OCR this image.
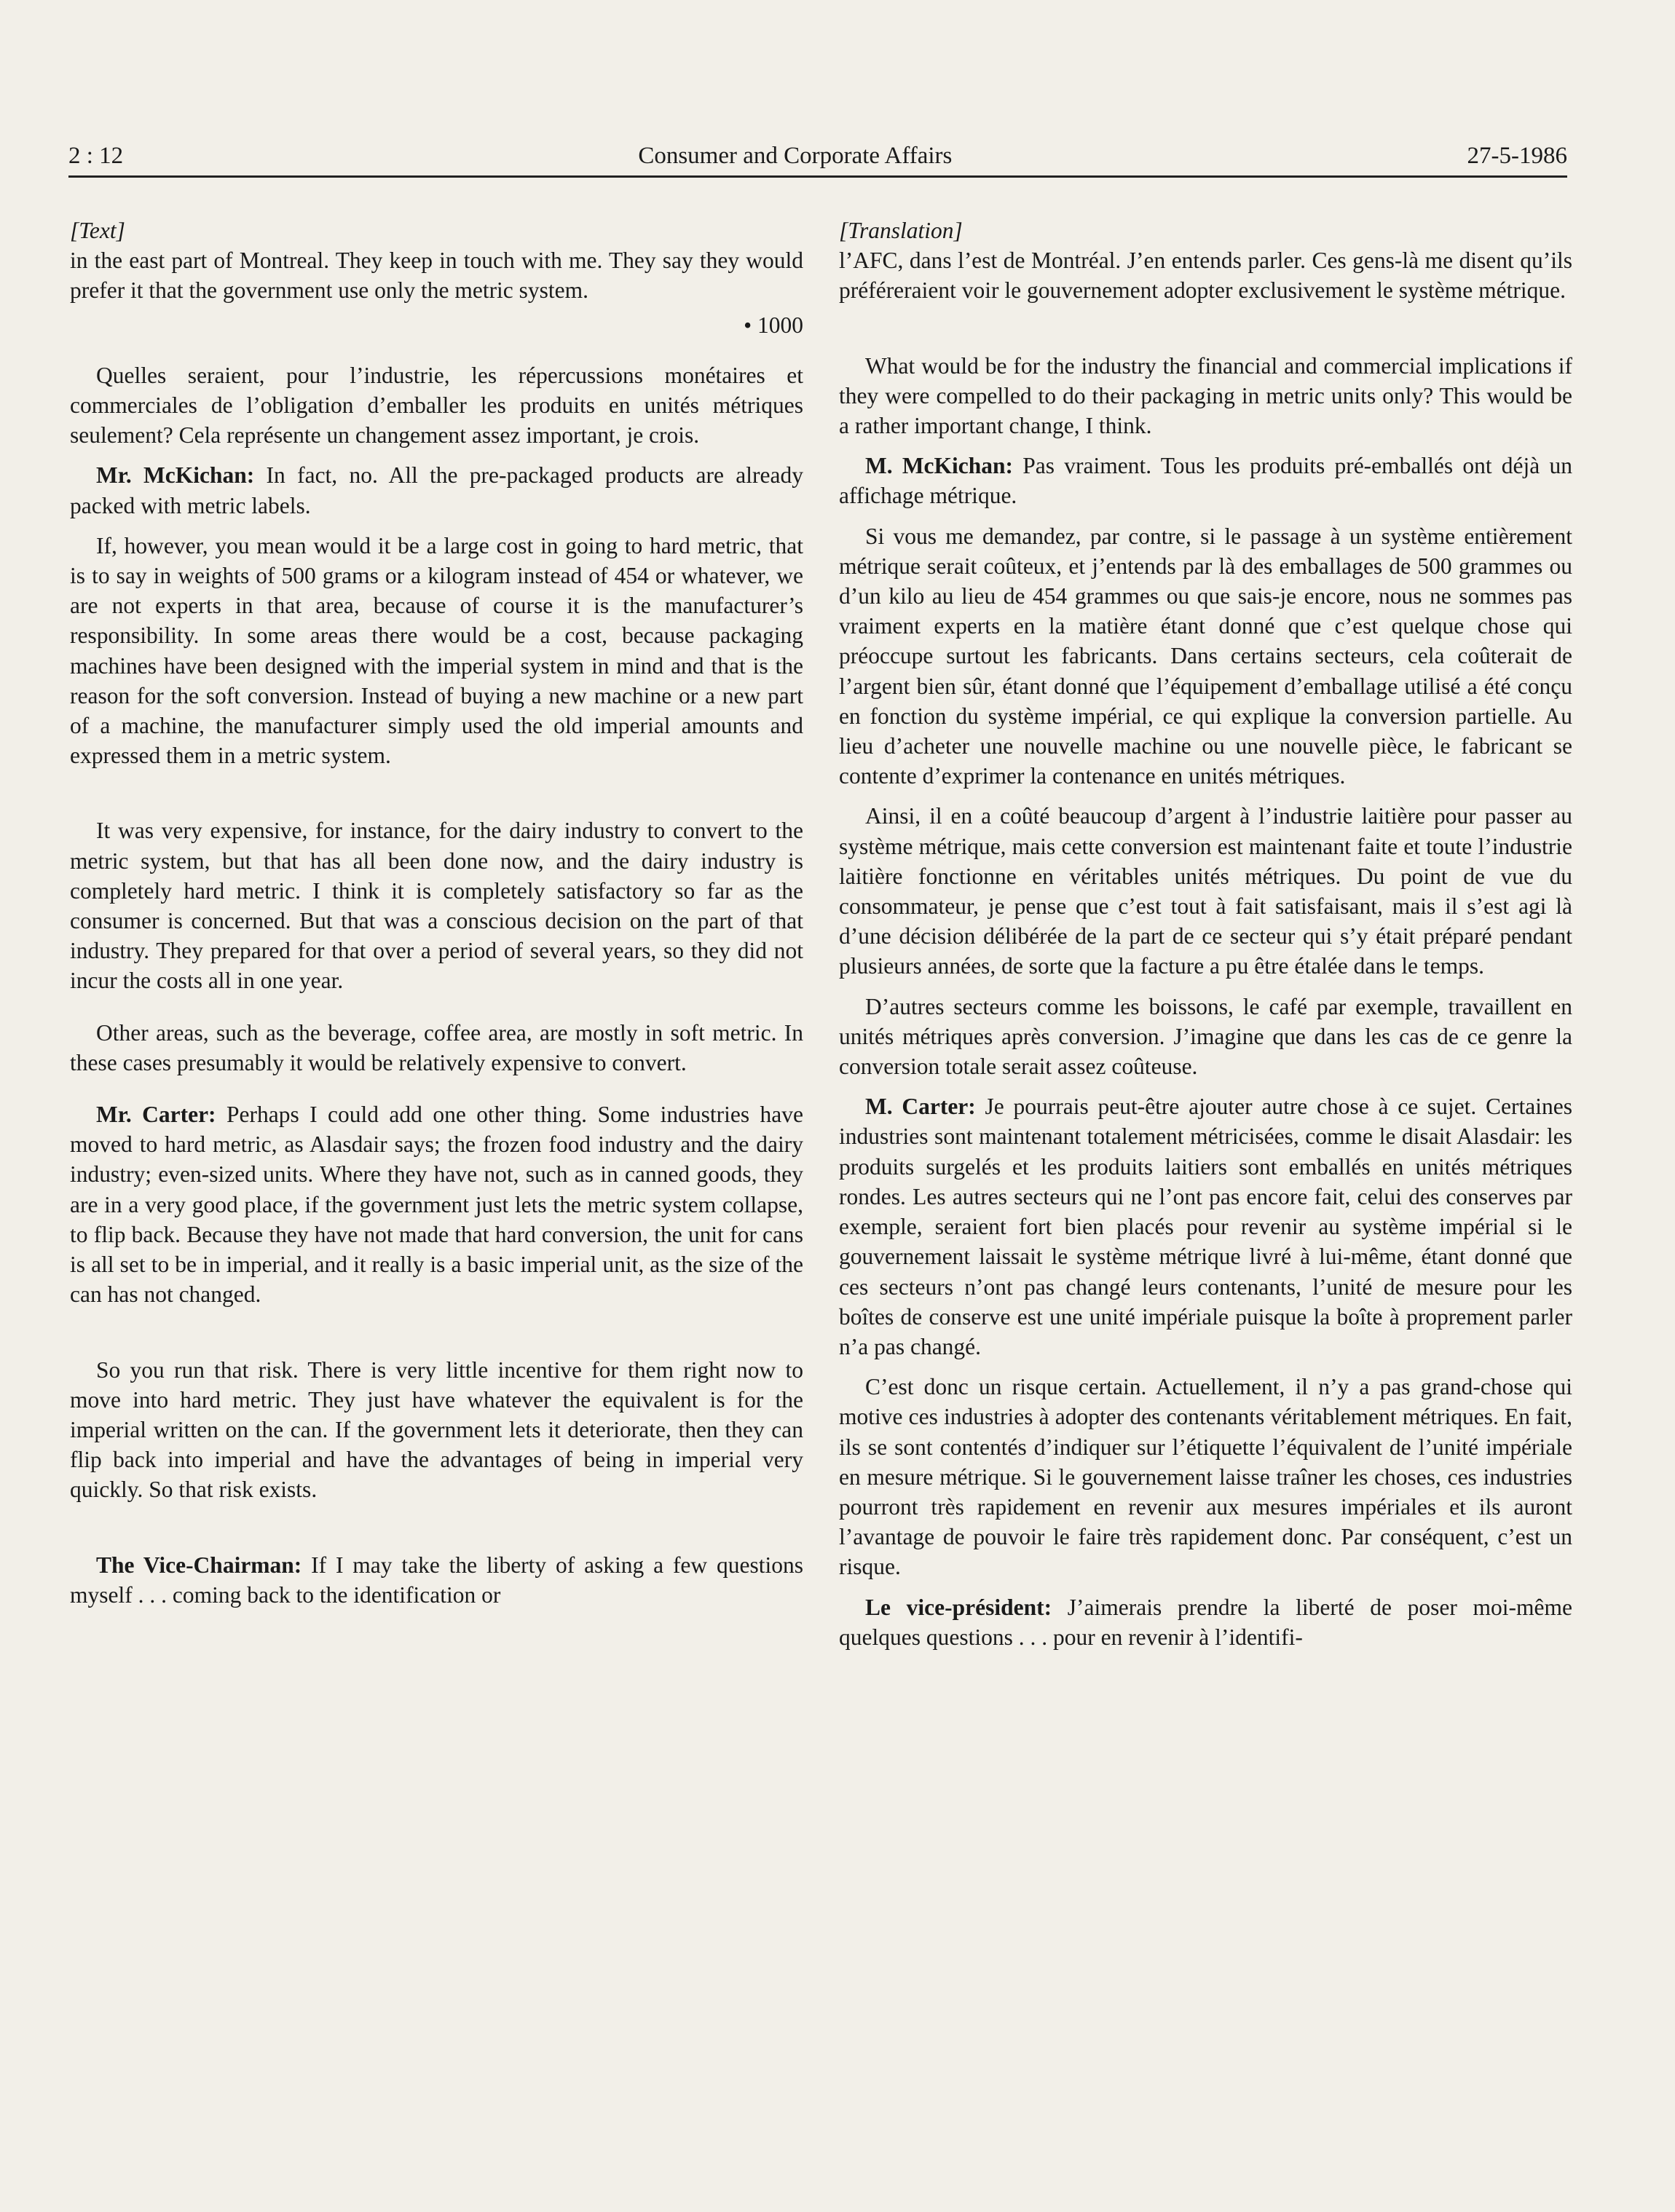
2 : 12	Consumer and Corporate Affairs	27-5-1986

[Text]

in the east part of Montreal. They keep in touch with me. They say they would prefer it that the government use only the metric system.

• 1000

Quelles seraient, pour l’industrie, les répercussions monétaires et commerciales de l’obligation d’emballer les produits en unités métriques seulement? Cela représente un changement assez important, je crois.

Mr. McKichan: In fact, no. All the pre-packaged products are already packed with metric labels.

If, however, you mean would it be a large cost in going to hard metric, that is to say in weights of 500 grams or a kilogram instead of 454 or whatever, we are not experts in that area, because of course it is the manufacturer’s responsibility. In some areas there would be a cost, because packaging machines have been designed with the imperial system in mind and that is the reason for the soft conversion. Instead of buying a new machine or a new part of a machine, the manufacturer simply used the old imperial amounts and expressed them in a metric system.

It was very expensive, for instance, for the dairy industry to convert to the metric system, but that has all been done now, and the dairy industry is completely hard metric. I think it is completely satisfactory so far as the consumer is concerned. But that was a conscious decision on the part of that industry. They prepared for that over a period of several years, so they did not incur the costs all in one year.

Other areas, such as the beverage, coffee area, are mostly in soft metric. In these cases presumably it would be relatively expensive to convert.

Mr. Carter: Perhaps I could add one other thing. Some industries have moved to hard metric, as Alasdair says; the frozen food industry and the dairy industry; even-sized units. Where they have not, such as in canned goods, they are in a very good place, if the government just lets the metric system collapse, to flip back. Because they have not made that hard conversion, the unit for cans is all set to be in imperial, and it really is a basic imperial unit, as the size of the can has not changed.

So you run that risk. There is very little incentive for them right now to move into hard metric. They just have whatever the equivalent is for the imperial written on the can. If the government lets it deteriorate, then they can flip back into imperial and have the advantages of being in imperial very quickly. So that risk exists.

The Vice-Chairman: If I may take the liberty of asking a few questions myself . . . coming back to the identification or

[Translation]

l’AFC, dans l’est de Montréal. J’en entends parler. Ces gens-là me disent qu’ils préféreraient voir le gouvernement adopter exclusivement le système métrique.

What would be for the industry the financial and commercial implications if they were compelled to do their packaging in metric units only? This would be a rather important change, I think.

M. McKichan: Pas vraiment. Tous les produits pré-emballés ont déjà un affichage métrique.

Si vous me demandez, par contre, si le passage à un système entièrement métrique serait coûteux, et j’entends par là des emballages de 500 grammes ou d’un kilo au lieu de 454 grammes ou que sais-je encore, nous ne sommes pas vraiment experts en la matière étant donné que c’est quelque chose qui préoccupe surtout les fabricants. Dans certains secteurs, cela coûterait de l’argent bien sûr, étant donné que l’équipement d’emballage utilisé a été conçu en fonction du système impérial, ce qui explique la conversion partielle. Au lieu d’acheter une nouvelle machine ou une nouvelle pièce, le fabricant se contente d’exprimer la contenance en unités métriques.

Ainsi, il en a coûté beaucoup d’argent à l’industrie laitière pour passer au système métrique, mais cette conversion est maintenant faite et toute l’industrie laitière fonctionne en véritables unités métriques. Du point de vue du consommateur, je pense que c’est tout à fait satisfaisant, mais il s’est agi là d’une décision délibérée de la part de ce secteur qui s’y était préparé pendant plusieurs années, de sorte que la facture a pu être étalée dans le temps.

D’autres secteurs comme les boissons, le café par exemple, travaillent en unités métriques après conversion. J’imagine que dans les cas de ce genre la conversion totale serait assez coûteuse.

M. Carter: Je pourrais peut-être ajouter autre chose à ce sujet. Certaines industries sont maintenant totalement métricisées, comme le disait Alasdair: les produits surgelés et les produits laitiers sont emballés en unités métriques rondes. Les autres secteurs qui ne l’ont pas encore fait, celui des conserves par exemple, seraient fort bien placés pour revenir au système impérial si le gouvernement laissait le système métrique livré à lui-même, étant donné que ces secteurs n’ont pas changé leurs contenants, l’unité de mesure pour les boîtes de conserve est une unité impériale puisque la boîte à proprement parler n’a pas changé.

C’est donc un risque certain. Actuellement, il n’y a pas grand-chose qui motive ces industries à adopter des contenants véritablement métriques. En fait, ils se sont contentés d’indiquer sur l’étiquette l’équivalent de l’unité impériale en mesure métrique. Si le gouvernement laisse traîner les choses, ces industries pourront très rapidement en revenir aux mesures impériales et ils auront l’avantage de pouvoir le faire très rapidement donc. Par conséquent, c’est un risque.

Le vice-président: J’aimerais prendre la liberté de poser moi-même quelques questions . . . pour en revenir à l’identifi-
